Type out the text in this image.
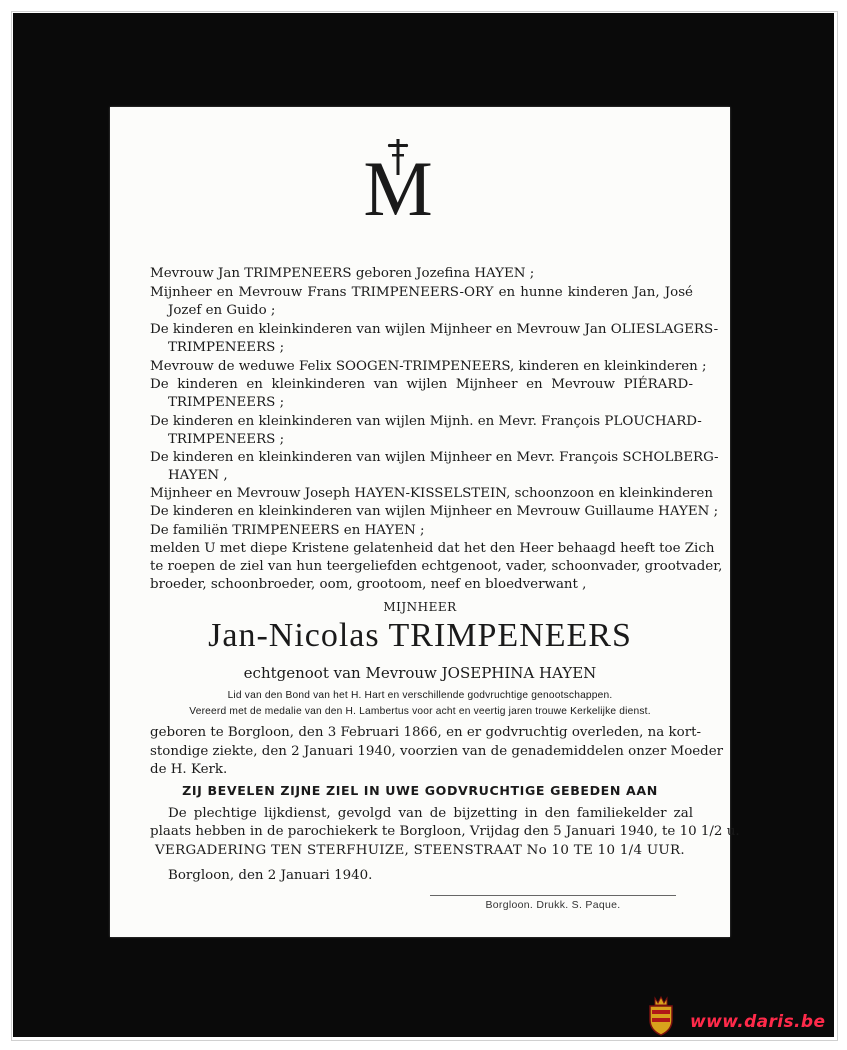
M
Mevrouw Jan TRIMPENEERS geboren Jozefina HAYEN ;
Mijnheer en Mevrouw Frans TRIMPENEERS-ORY en hunne kinderen Jan, José
Jozef en Guido ;
De kinderen en kleinkinderen van wijlen Mijnheer en Mevrouw Jan OLIESLAGERS-
TRIMPENEERS ;
Mevrouw de weduwe Felix SOOGEN-TRIMPENEERS, kinderen en kleinkinderen ;
De kinderen en kleinkinderen van wijlen Mijnheer en Mevrouw PIÉRARD-
TRIMPENEERS ;
De kinderen en kleinkinderen van wijlen Mijnh. en Mevr. François PLOUCHARD-
TRIMPENEERS ;
De kinderen en kleinkinderen van wijlen Mijnheer en Mevr. François SCHOLBERG-
HAYEN ,
Mijnheer en Mevrouw Joseph HAYEN-KISSELSTEIN, schoonzoon en kleinkinderen
De kinderen en kleinkinderen van wijlen Mijnheer en Mevrouw Guillaume HAYEN ;
De familiën TRIMPENEERS en HAYEN ;
melden U met diepe Kristene gelatenheid dat het den Heer behaagd heeft toe Zich
te roepen de ziel van hun teergeliefden echtgenoot, vader, schoonvader, grootvader,
broeder, schoonbroeder, oom, grootoom, neef en bloedverwant ,
MIJNHEER
Jan-Nicolas TRIMPENEERS
echtgenoot van Mevrouw JOSEPHINA HAYEN
Lid van den Bond van het H. Hart en verschillende godvruchtige genootschappen.
Vereerd met de medalie van den H. Lambertus voor acht en veertig jaren trouwe Kerkelijke dienst.
geboren te Borgloon, den 3 Februari 1866, en er godvruchtig overleden, na kort-
stondige ziekte, den 2 Januari 1940, voorzien van de genademiddelen onzer Moeder
de H. Kerk.
ZIJ BEVELEN ZIJNE ZIEL IN UWE GODVRUCHTIGE GEBEDEN AAN
De plechtige lijkdienst, gevolgd van de bijzetting in den familiekelder zal
plaats hebben in de parochiekerk te Borgloon, Vrijdag den 5 Januari 1940, te 10 1/2 u.
VERGADERING TEN STERFHUIZE, STEENSTRAAT No 10 TE 10 1/4 UUR.
Borgloon, den 2 Januari 1940.
Borgloon. Drukk. S. Paque.
www.daris.be
